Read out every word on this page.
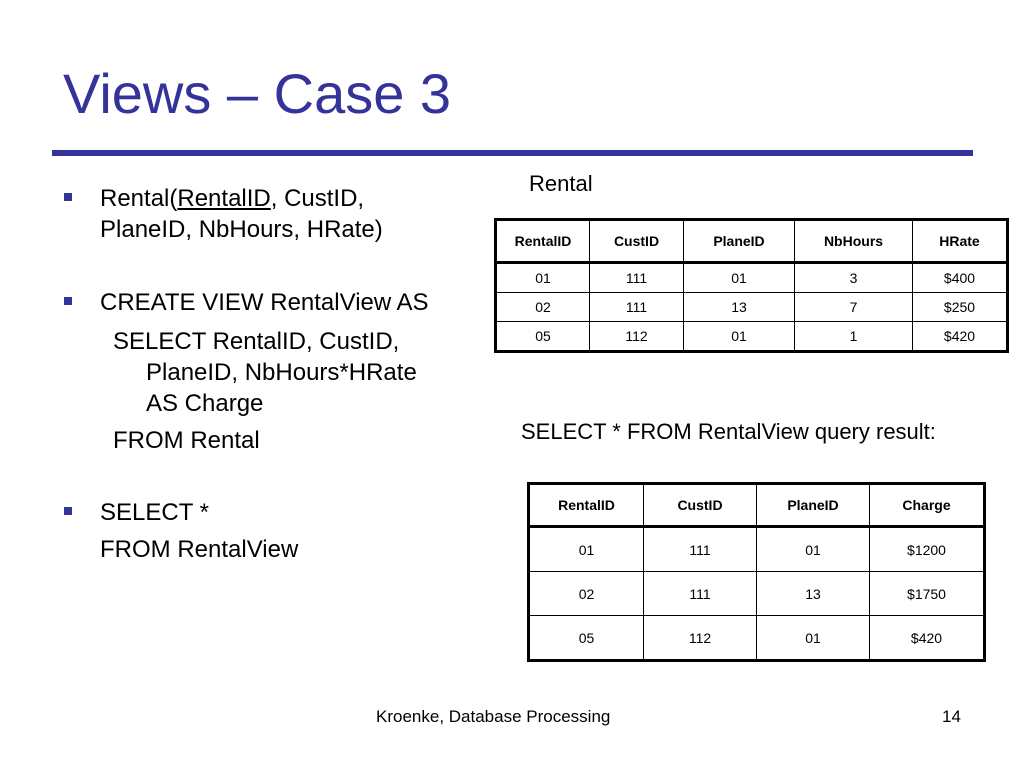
Views – Case 3
Rental(RentalID, CustID,
PlaneID, NbHours, HRate)
CREATE VIEW RentalView AS
SELECT RentalID, CustID,
PlaneID, NbHours*HRate
AS Charge
FROM Rental
SELECT *
FROM RentalView
Rental
RentalID	CustID	PlaneID	NbHours	HRate
01	111	01	3	$400
02	111	13	7	$250
05	112	01	1	$420
SELECT * FROM RentalView query result:
RentalID	CustID	PlaneID	Charge
01	111	01	$1200
02	111	13	$1750
05	112	01	$420
Kroenke, Database Processing	14
